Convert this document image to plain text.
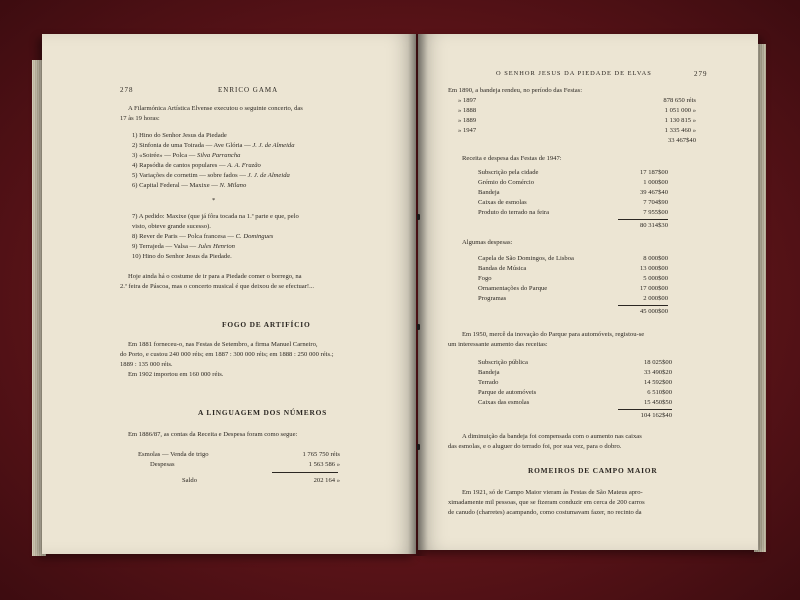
278	ENRICO GAMA
A Filarmónica Artística Elvense executou o seguinte concerto, das
17 às 19 horas:
1) Hino do Senhor Jesus da Piedade
2) Sinfonia de uma Toirada — Ave Glória — J. J. de Almeida
3) «Soirée» — Polca — Silva Parrancha
4) Rapsódia de cantos populares — A. A. Frazão
5) Variações de cornetim — sobre fados — J. J. de Almeida
6) Capital Federal — Maxixe — N. Milano
*
7) A pedido: Maxixe (que já fôra tocada na 1.ª parte e que, pelo
visto, obteve grande sucesso).
8) Rever de Paris — Polca francesa — C. Domingues
9) Terrajeda — Valsa — Jules Henrion
10) Hino do Senhor Jesus da Piedade.
Hoje ainda há o costume de ir para a Piedade comer o borrego, na
2.ª feira de Páscoa, mas o concerto musical é que deixou de se efectuar!...
FOGO DE ARTIFÍCIO
Em 1881 forneceu-o, nas Festas de Setembro, a firma Manuel Carneiro,
do Porto, e custou 240 000 réis; em 1887 : 300 000 réis; em 1888 : 250 000 réis.;
1889 : 135 000 réis.
Em 1902 importou em 160 000 réis.
A LINGUAGEM DOS NÚMEROS
Em 1886/87, as contas da Receita e Despesa foram como segue:
Esmolas — Venda de trigo	1 765 750 réis
Despesas	1 563 586 »
Saldo	202 164 »
O SENHOR JESUS DA PIEDADE DE ELVAS	279
Em 1890, a bandeja rendeu, no período das Festas:
» 1897	878 650 réis
» 1888	1 051 000 »
» 1889	1 130 815 »
» 1947	1 335 460 »
33 467$40
Receita e despesa das Festas de 1947:
Subscrição pela cidade	17 187$00
Grémio do Comércio	1 000$00
Bandeja	39 467$40
Caixas de esmolas	7 704$90
Produto do terrado na feira	7 955$00
80 314$30
Algumas despesas:
Capela de São Domingos, de Lisboa	8 000$00
Bandas de Música	13 000$00
Fogo	5 000$00
Ornamentações do Parque	17 000$00
Programas	2 000$00
45 000$00
Em 1950, mercê da inovação do Parque para automóveis, registou-se
um interessante aumento das receitas:
Subscrição pública	18 025$00
Bandeja	33 490$20
Terrado	14 592$00
Parque de automóveis	6 510$00
Caixas das esmolas	15 450$50
104 162$40
A diminuição da bandeja foi compensada com o aumento nas caixas
das esmolas, e o aluguer do terrado foi, por sua vez, para o dobro.
ROMEIROS DE CAMPO MAIOR
Em 1921, só de Campo Maior vieram às Festas de São Mateus apro-
ximadamente mil pessoas, que se fizeram conduzir em cerca de 200 carros
de canudo (charretes) acampando, como costumavam fazer, no recinto da
